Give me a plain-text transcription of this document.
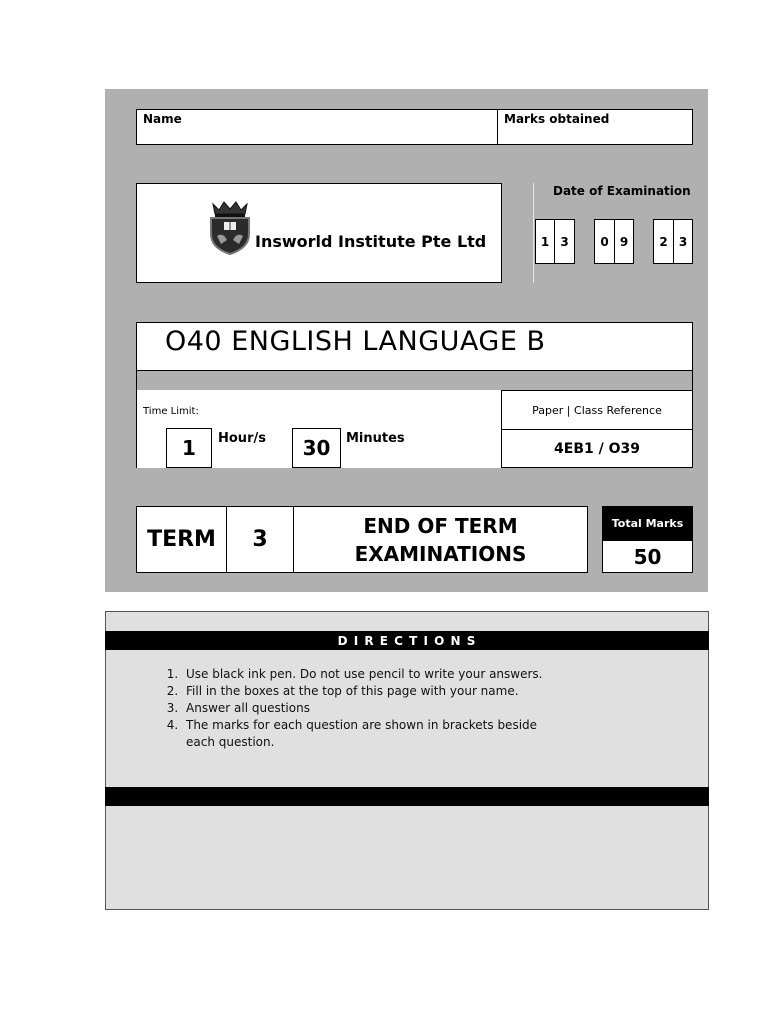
Name	Marks obtained
Insworld Institute Pte Ltd
Date of Examination
1 3	0 9	2 3
O40 ENGLISH LANGUAGE B
Time Limit:
1	Hour/s	30	Minutes
Paper | Class Reference
4EB1 / O39
TERM 3
END OF TERM
EXAMINATIONS
Total Marks
50
D I R E C T I O N S
1. Use black ink pen. Do not use pencil to write your answers.
2. Fill in the boxes at the top of this page with your name.
3. Answer all questions
4. The marks for each question are shown in brackets beside each question.
